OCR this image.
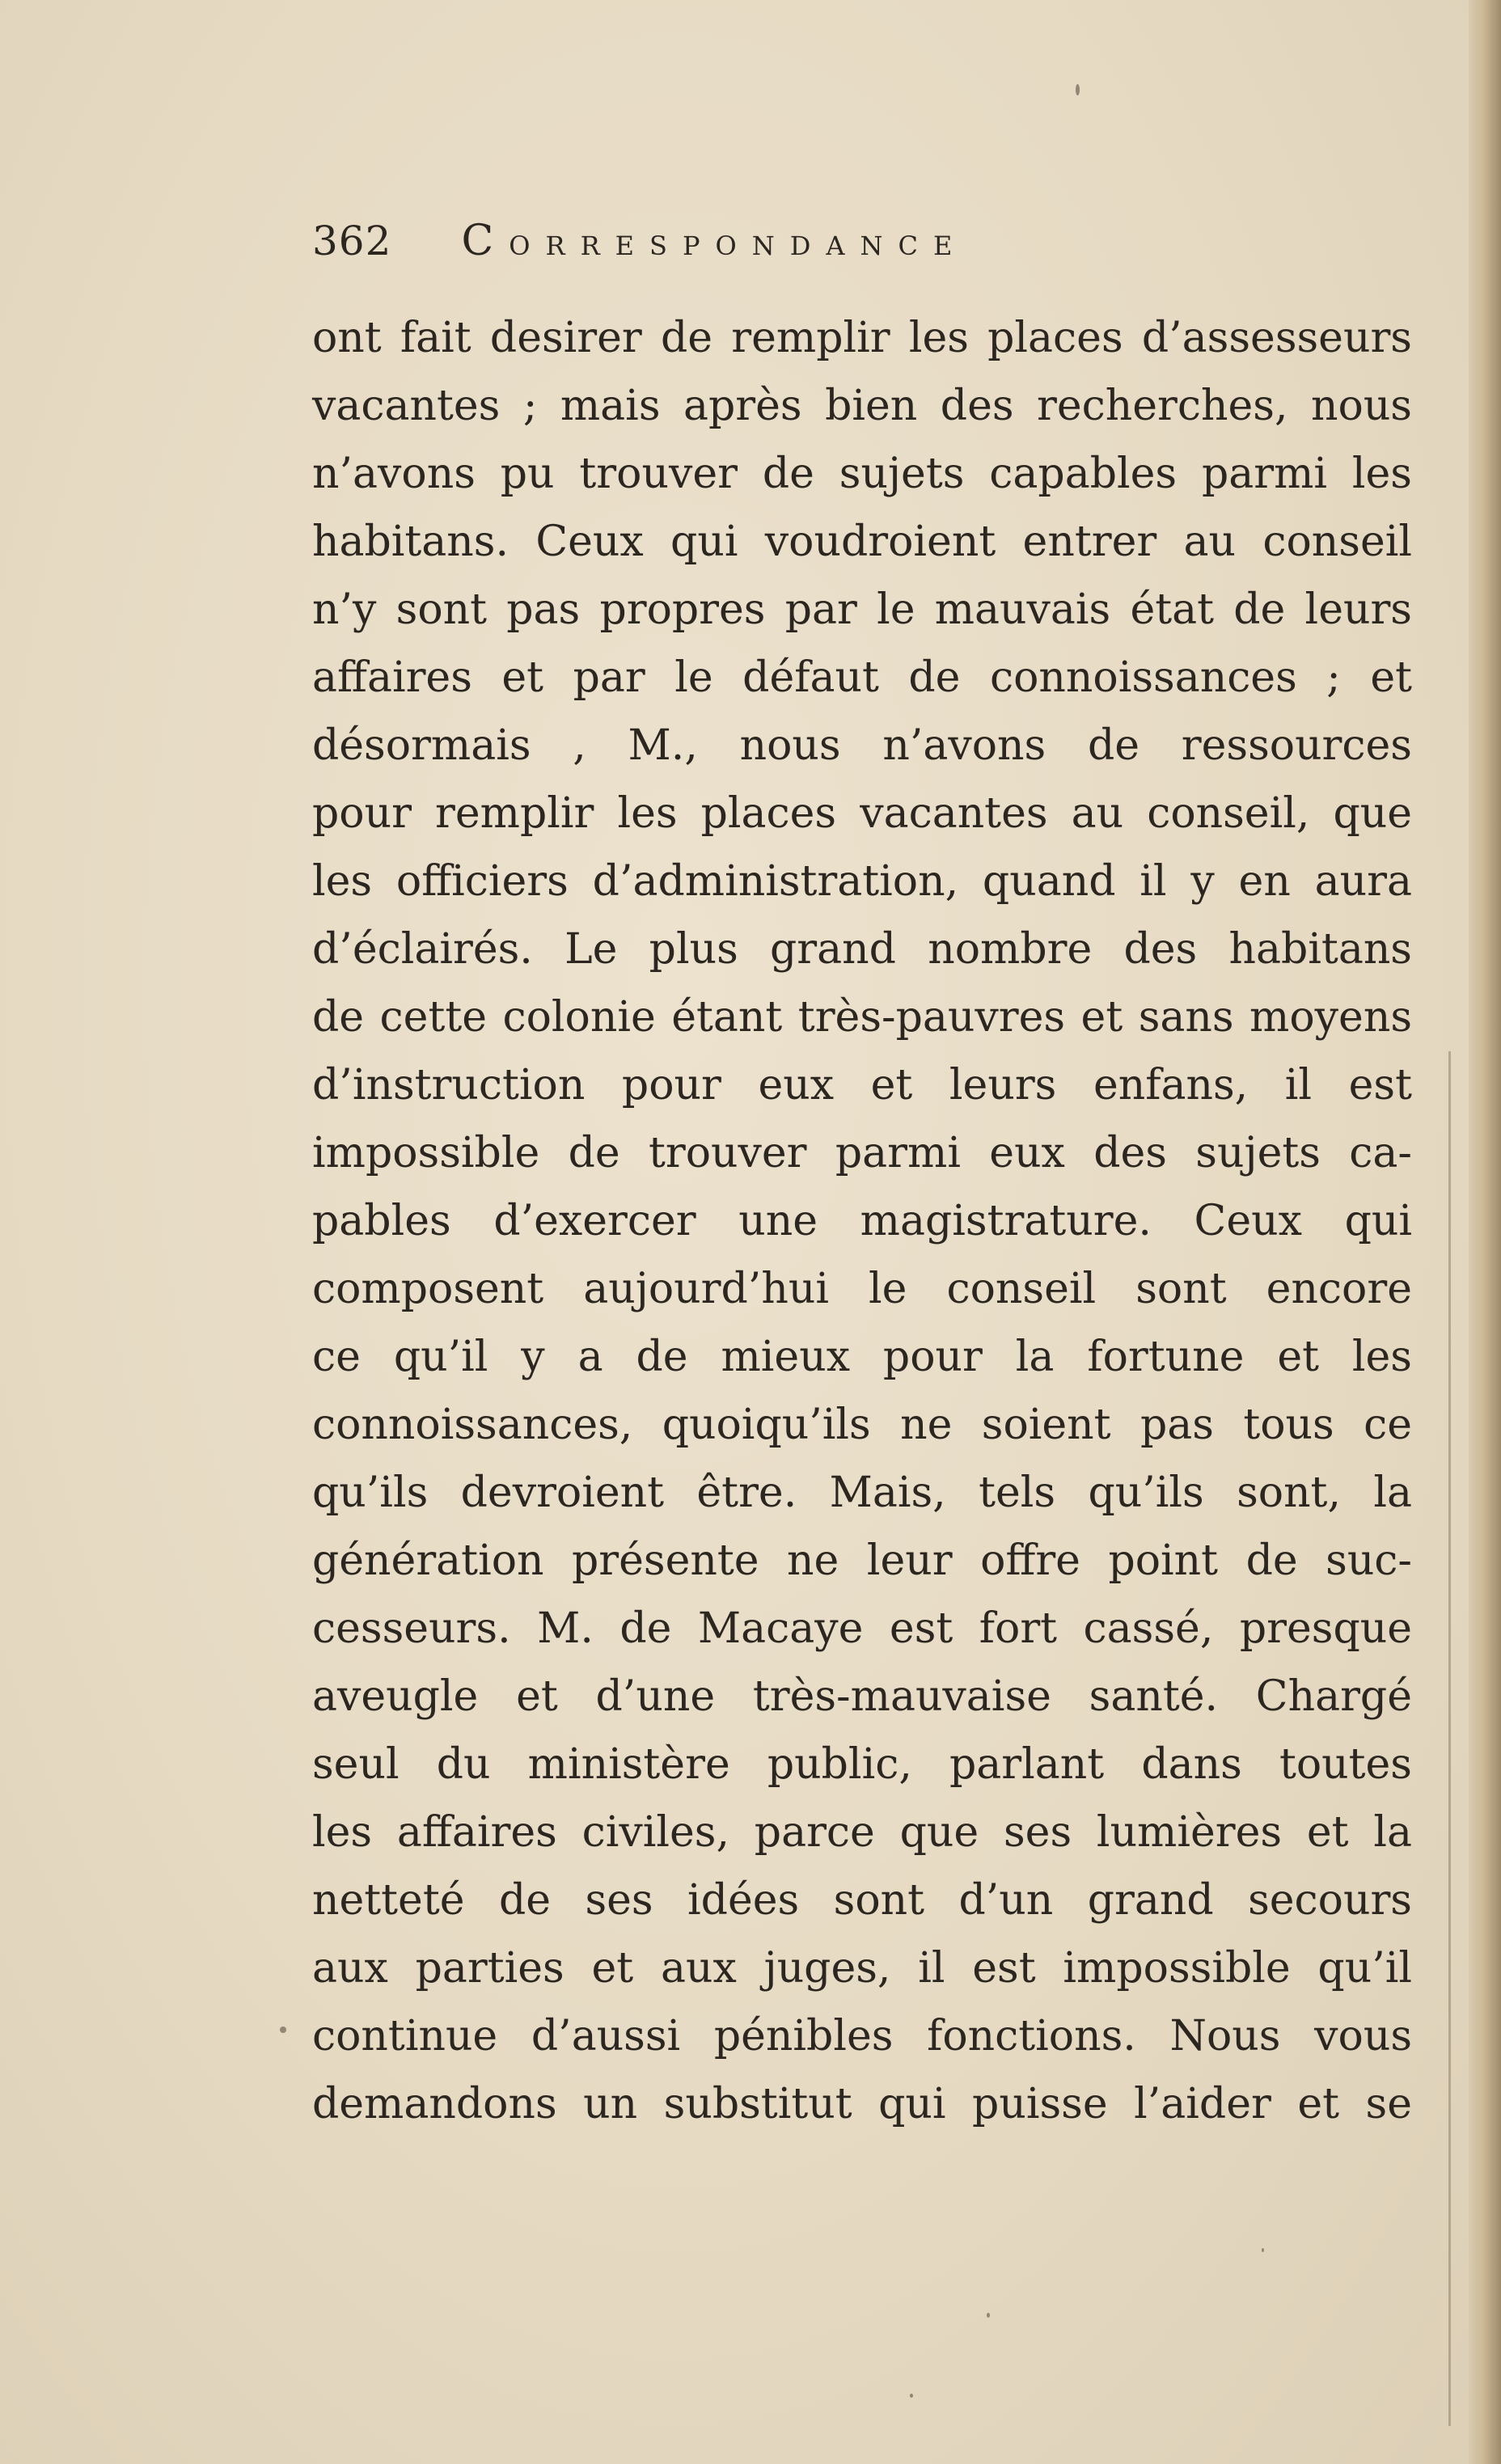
362	CORRESPONDANCE
ont fait desirer de remplir les places d’assesseurs
vacantes ; mais après bien des recherches, nous
n’avons pu trouver de sujets capables parmi les
habitans. Ceux qui voudroient entrer au conseil
n’y sont pas propres par le mauvais état de leurs
affaires et par le défaut de connoissances ; et
désormais , M., nous n’avons de ressources
pour remplir les places vacantes au conseil, que
les officiers d’administration, quand il y en aura
d’éclairés. Le plus grand nombre des habitans
de cette colonie étant très-pauvres et sans moyens
d’instruction pour eux et leurs enfans, il est
impossible de trouver parmi eux des sujets ca-
pables d’exercer une magistrature. Ceux qui
composent aujourd’hui le conseil sont encore
ce qu’il y a de mieux pour la fortune et les
connoissances, quoiqu’ils ne soient pas tous ce
qu’ils devroient être. Mais, tels qu’ils sont, la
génération présente ne leur offre point de suc-
cesseurs. M. de Macaye est fort cassé, presque
aveugle et d’une très-mauvaise santé. Chargé
seul du ministère public, parlant dans toutes
les affaires civiles, parce que ses lumières et la
netteté de ses idées sont d’un grand secours
aux parties et aux juges, il est impossible qu’il
continue d’aussi pénibles fonctions. Nous vous
demandons un substitut qui puisse l’aider et se
